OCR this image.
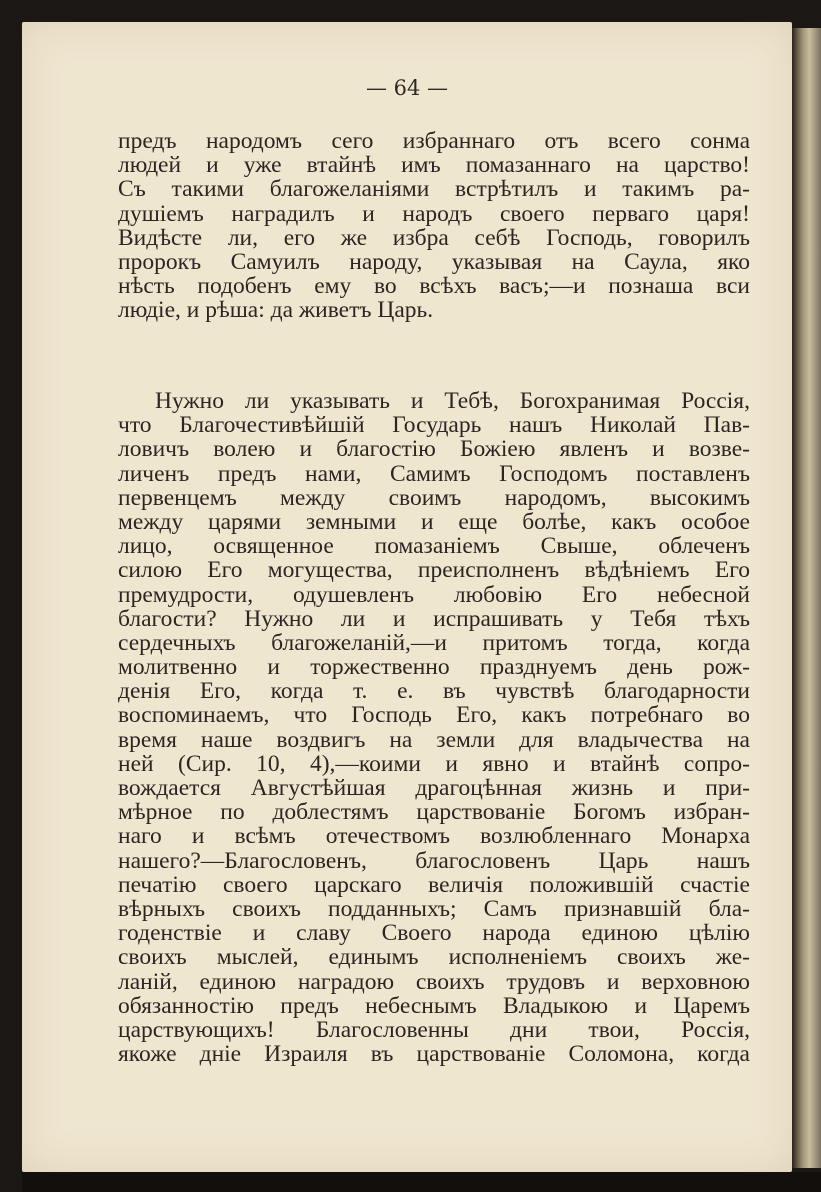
— 64 —
предъ народомъ сего избраннаго отъ всего сонма
людей и уже втайнѣ имъ помазаннаго на царство!
Съ такими благожеланіями встрѣтилъ и такимъ ра-
душіемъ наградилъ и народъ своего перваго царя!
Видѣсте ли, его же избра себѣ Господь, говорилъ
пророкъ Самуилъ народу, указывая на Саула, яко
нѣсть подобенъ ему во всѣхъ васъ;—и познаша вси
людіе, и рѣша: да живетъ Царь.
Нужно ли указывать и Тебѣ, Богохранимая Россія,
что Благочестивѣйшій Государь нашъ Николай Пав-
ловичъ волею и благостію Божіею явленъ и возве-
личенъ предъ нами, Самимъ Господомъ поставленъ
первенцемъ между своимъ народомъ, высокимъ
между царями земными и еще болѣе, какъ особое
лицо, освященное помазаніемъ Свыше, облеченъ
силою Его могущества, преисполненъ вѣдѣніемъ Его
премудрости, одушевленъ любовію Его небесной
благости? Нужно ли и испрашивать у Тебя тѣхъ
сердечныхъ благожеланій,—и притомъ тогда, когда
молитвенно и торжественно празднуемъ день рож-
денія Его, когда т. е. въ чувствѣ благодарности
воспоминаемъ, что Господь Его, какъ потребнаго во
время наше воздвигъ на земли для владычества на
ней (Сир. 10, 4),—коими и явно и втайнѣ сопро-
вождается Августѣйшая драгоцѣнная жизнь и при-
мѣрное по доблестямъ царствованіе Богомъ избран-
наго и всѣмъ отечествомъ возлюбленнаго Монарха
нашего?—Благословенъ, благословенъ Царь нашъ
печатію своего царскаго величія положившій счастіе
вѣрныхъ своихъ подданныхъ; Самъ признавшій бла-
годенствіе и славу Своего народа единою цѣлію
своихъ мыслей, единымъ исполненіемъ своихъ же-
ланій, единою наградою своихъ трудовъ и верховною
обязанностію предъ небеснымъ Владыкою и Царемъ
царствующихъ! Благословенны дни твои, Россія,
якоже дніе Израиля въ царствованіе Соломона, когда
